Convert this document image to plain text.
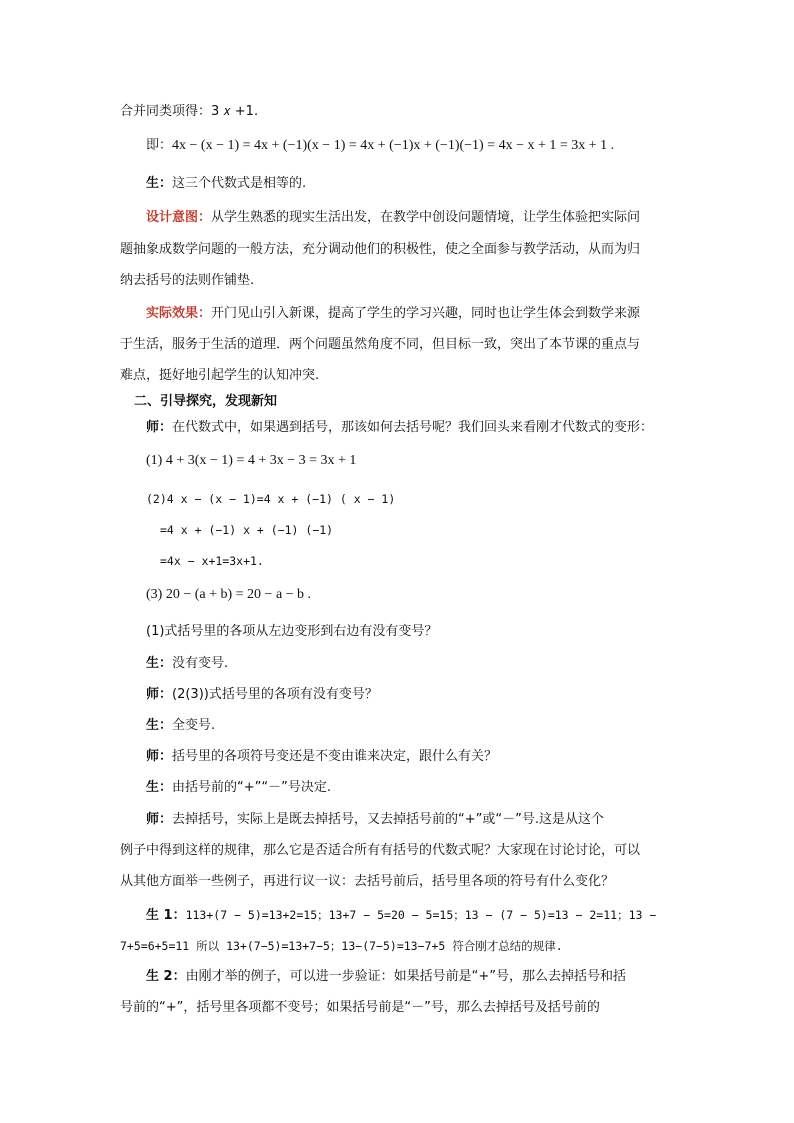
合并同类项得：3 𝑥 +1.
即：4x − (x − 1) = 4x + (−1)(x − 1) = 4x + (−1)x + (−1)(−1) = 4x − x + 1 = 3x + 1 .
生：这三个代数式是相等的.
设计意图：从学生熟悉的现实生活出发，在教学中创设问题情境，让学生体验把实际问
题抽象成数学问题的一般方法，充分调动他们的积极性，使之全面参与教学活动，从而为归
纳去括号的法则作铺垫.
实际效果：开门见山引入新课，提高了学生的学习兴趣，同时也让学生体会到数学来源
于生活，服务于生活的道理．两个问题虽然角度不同，但目标一致，突出了本节课的重点与
难点，挺好地引起学生的认知冲突.
二、引导探究，发现新知
师：在代数式中，如果遇到括号，那该如何去括号呢？我们回头来看刚才代数式的变形：
(1) 4 + 3(x − 1) = 4 + 3x − 3 = 3x + 1
(2)4 x − (x − 1)=4 x + (−1) ( x − 1)
=4 x + (−1) x + (−1) (−1)
=4x − x+1=3x+1.
(3) 20 − (a + b) = 20 − a − b .
(1)式括号里的各项从左边变形到右边有没有变号？
生：没有变号.
师：(2(3))式括号里的各项有没有变号？
生：全变号.
师：括号里的各项符号变还是不变由谁来决定，跟什么有关？
生：由括号前的“+”“－”号决定.
师：去掉括号，实际上是既去掉括号，又去掉括号前的“+”或“－”号.这是从这个
例子中得到这样的规律，那么它是否适合所有有括号的代数式呢？大家现在讨论讨论，可以
从其他方面举一些例子，再进行议一议：去括号前后，括号里各项的符号有什么变化？
生 1：113+(7 − 5)=13+2=15；13+7 − 5=20 − 5=15；13 − (7 − 5)=13 − 2=11；13 −
7+5=6+5=11 所以 13+(7−5)=13+7−5；13−(7−5)=13−7+5 符合刚才总结的规律.
生 2：由刚才举的例子，可以进一步验证：如果括号前是“+”号，那么去掉括号和括
号前的“+”，括号里各项都不变号；如果括号前是“－”号，那么去掉括号及括号前的
